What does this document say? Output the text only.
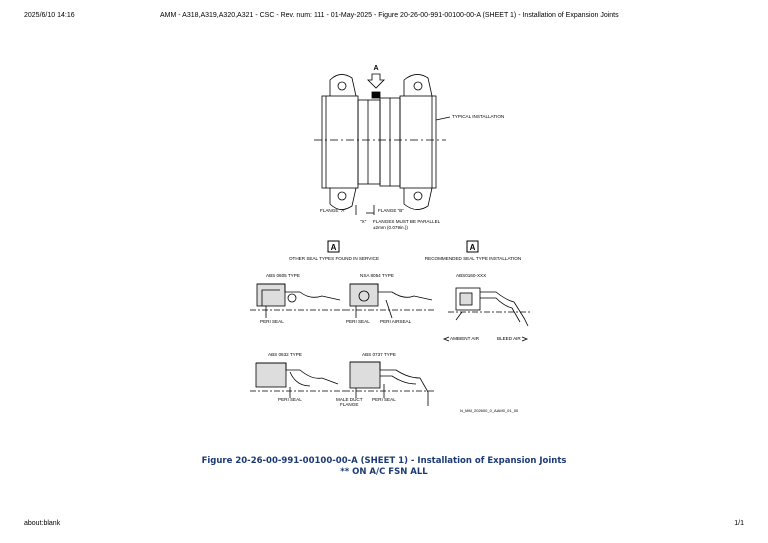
2025/6/10 14:16	AMM - A318,A319,A320,A321 - CSC - Rev. num: 111 - 01-May-2025 - Figure 20-26-00-991-00100-00-A (SHEET 1) - Installation of Expansion Joints
A
TYPICAL INSTALLATION
FLANGE "A"	FLANGE "B"
"X" FLANGES MUST BE PARALLEL
±2mm (0.079in.))
A	A
OTHER SEAL TYPES FOUND IN SERVICE	RECOMMENDED SEAL TYPE INSTALLATION
ABS 0605 TYPE	NSA 8054 TYPE	ABS0160-XXX
PERI SEAL	PERI SEAL PERI AIRSEAL
AMBIENT AIR	BLEED AIR
ABS 0632 TYPE	ABS 0737 TYPE
PERI SEAL	MALE DUCT
FLANGE
PERI SEAL
N_MM_202600_0_AAM0_01_00
Figure 20-26-00-991-00100-00-A (SHEET 1) - Installation of Expansion Joints
** ON A/C FSN ALL
about:blank	1/1
